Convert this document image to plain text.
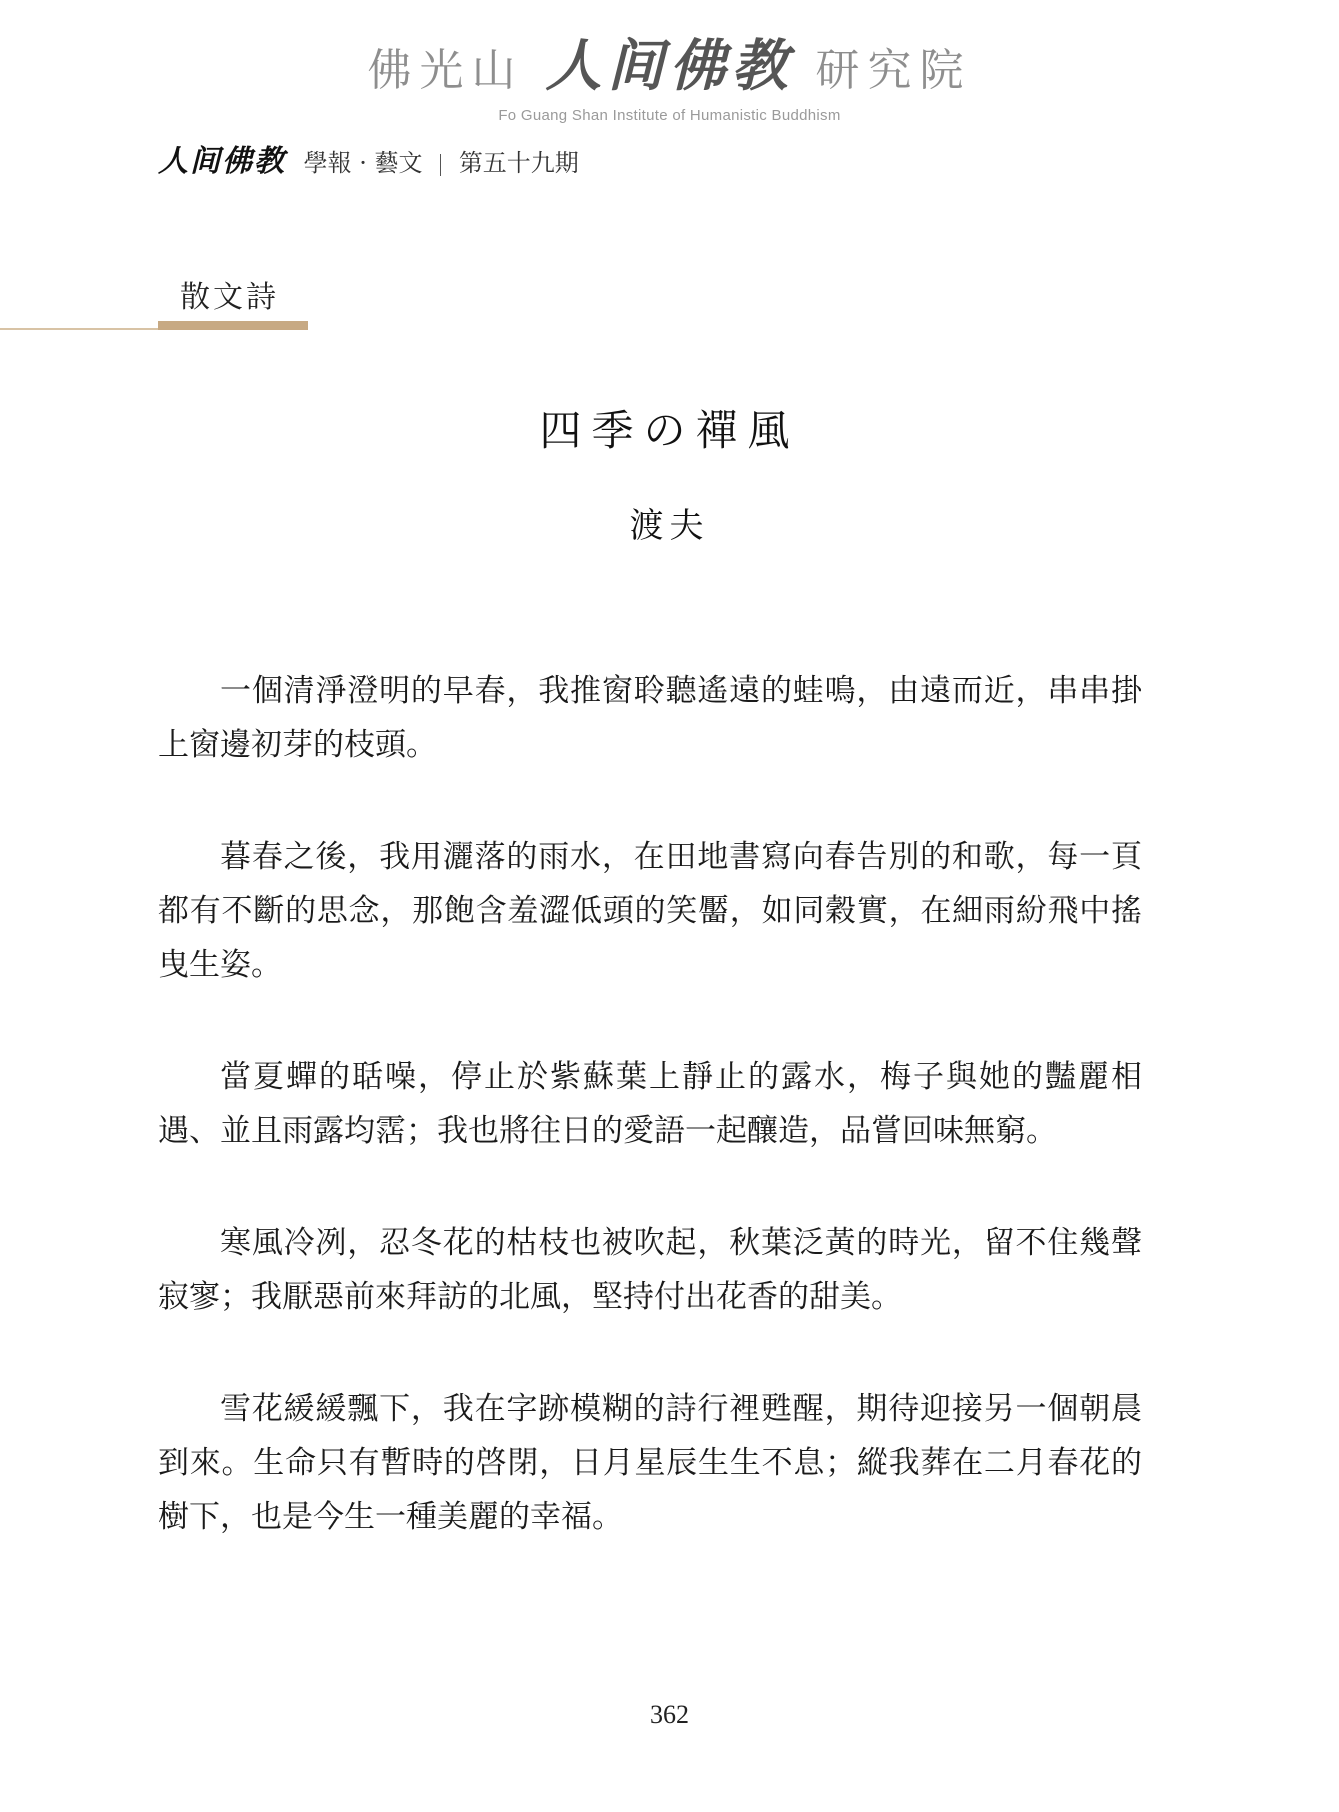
佛光山 人间佛教 研究院
Fo Guang Shan Institute of Humanistic Buddhism
人间佛教 學報 · 藝文 第五十九期
散文詩
四季の禪風
渡夫

一個清淨澄明的早春，我推窗聆聽遙遠的蛙鳴，由遠而近，串串掛上窗邊初芽的枝頭。

暮春之後，我用灑落的雨水，在田地書寫向春告別的和歌，每一頁都有不斷的思念，那飽含羞澀低頭的笑靨，如同穀實，在細雨紛飛中搖曳生姿。

當夏蟬的聒噪，停止於紫蘇葉上靜止的露水，梅子與她的豔麗相遇、並且雨露均霑；我也將往日的愛語一起釀造，品嘗回味無窮。

寒風冷冽，忍冬花的枯枝也被吹起，秋葉泛黃的時光，留不住幾聲寂寥；我厭惡前來拜訪的北風，堅持付出花香的甜美。

雪花緩緩飄下，我在字跡模糊的詩行裡甦醒，期待迎接另一個朝晨到來。生命只有暫時的啓閉，日月星辰生生不息；縱我葬在二月春花的樹下，也是今生一種美麗的幸福。

362
